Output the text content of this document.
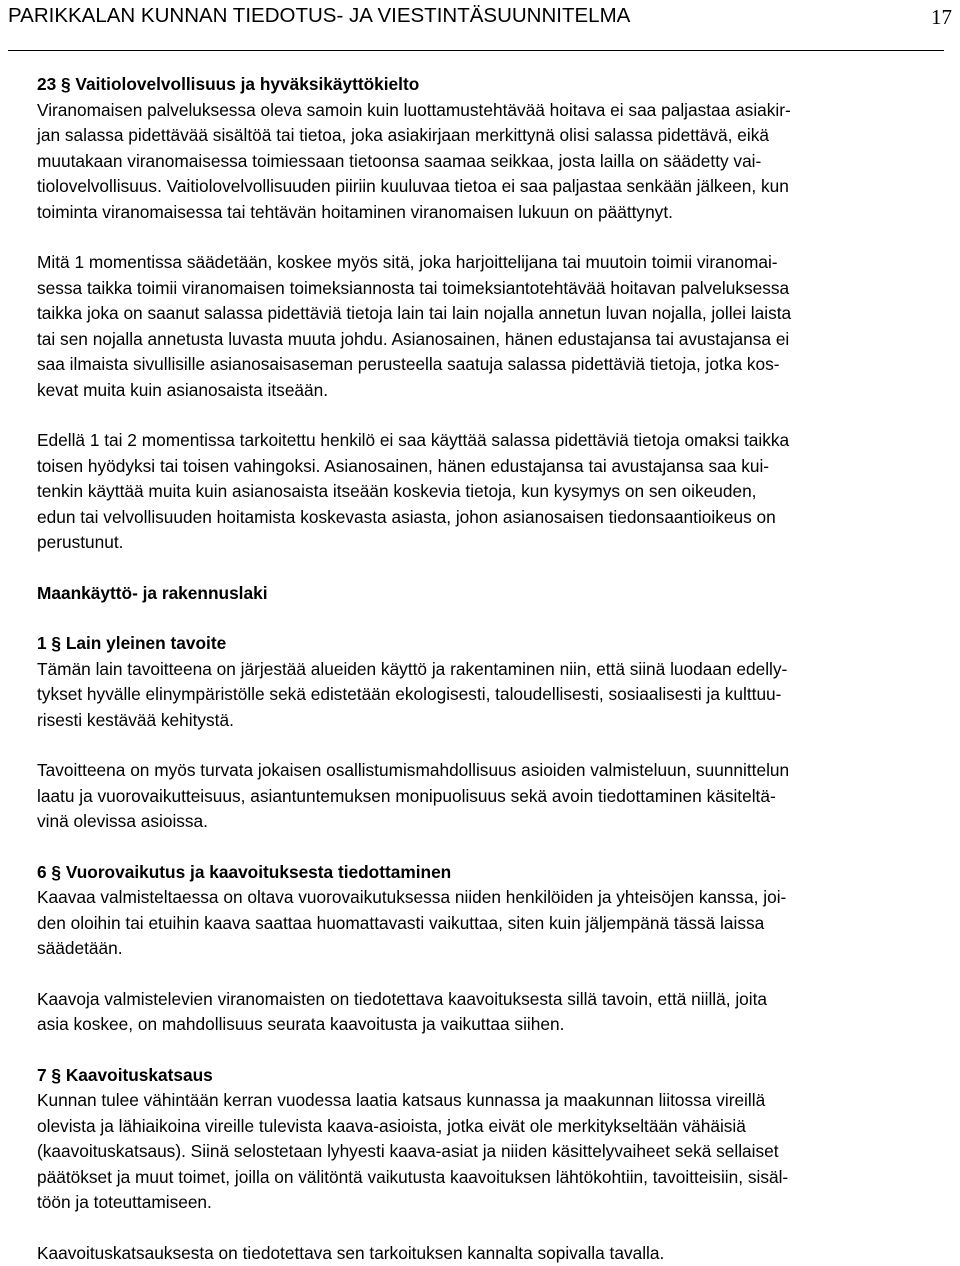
PARIKKALAN KUNNAN TIEDOTUS- JA VIESTINTÄSUUNNITELMA	17

23 § Vaitiolovelvollisuus ja hyväksikäyttökielto

Viranomaisen palveluksessa oleva samoin kuin luottamustehtävää hoitava ei saa paljastaa asiakir-
jan salassa pidettävää sisältöä tai tietoa, joka asiakirjaan merkittynä olisi salassa pidettävä, eikä
muutakaan viranomaisessa toimiessaan tietoonsa saamaa seikkaa, josta lailla on säädetty vai-
tiolovelvollisuus. Vaitiolovelvollisuuden piiriin kuuluvaa tietoa ei saa paljastaa senkään jälkeen, kun
toiminta viranomaisessa tai tehtävän hoitaminen viranomaisen lukuun on päättynyt.

Mitä 1 momentissa säädetään, koskee myös sitä, joka harjoittelijana tai muutoin toimii viranomai-
sessa taikka toimii viranomaisen toimeksiannosta tai toimeksiantotehtävää hoitavan palveluksessa
taikka joka on saanut salassa pidettäviä tietoja lain tai lain nojalla annetun luvan nojalla, jollei laista
tai sen nojalla annetusta luvasta muuta johdu. Asianosainen, hänen edustajansa tai avustajansa ei
saa ilmaista sivullisille asianosaisaseman perusteella saatuja salassa pidettäviä tietoja, jotka kos-
kevat muita kuin asianosaista itseään.

Edellä 1 tai 2 momentissa tarkoitettu henkilö ei saa käyttää salassa pidettäviä tietoja omaksi taikka
toisen hyödyksi tai toisen vahingoksi. Asianosainen, hänen edustajansa tai avustajansa saa kui-
tenkin käyttää muita kuin asianosaista itseään koskevia tietoja, kun kysymys on sen oikeuden,
edun tai velvollisuuden hoitamista koskevasta asiasta, johon asianosaisen tiedonsaantioikeus on
perustunut.

Maankäyttö- ja rakennuslaki

1 § Lain yleinen tavoite

Tämän lain tavoitteena on järjestää alueiden käyttö ja rakentaminen niin, että siinä luodaan edelly-
tykset hyvälle elinympäristölle sekä edistetään ekologisesti, taloudellisesti, sosiaalisesti ja kulttuu-
risesti kestävää kehitystä.

Tavoitteena on myös turvata jokaisen osallistumismahdollisuus asioiden valmisteluun, suunnittelun
laatu ja vuorovaikutteisuus, asiantuntemuksen monipuolisuus sekä avoin tiedottaminen käsiteltä-
vinä olevissa asioissa.

6 § Vuorovaikutus ja kaavoituksesta tiedottaminen

Kaavaa valmisteltaessa on oltava vuorovaikutuksessa niiden henkilöiden ja yhteisöjen kanssa, joi-
den oloihin tai etuihin kaava saattaa huomattavasti vaikuttaa, siten kuin jäljempänä tässä laissa
säädetään.

Kaavoja valmistelevien viranomaisten on tiedotettava kaavoituksesta sillä tavoin, että niillä, joita
asia koskee, on mahdollisuus seurata kaavoitusta ja vaikuttaa siihen.

7 § Kaavoituskatsaus

Kunnan tulee vähintään kerran vuodessa laatia katsaus kunnassa ja maakunnan liitossa vireillä
olevista ja lähiaikoina vireille tulevista kaava-asioista, jotka eivät ole merkitykseltään vähäisiä
(kaavoituskatsaus). Siinä selostetaan lyhyesti kaava-asiat ja niiden käsittelyvaiheet sekä sellaiset
päätökset ja muut toimet, joilla on välitöntä vaikutusta kaavoituksen lähtökohtiin, tavoitteisiin, sisäl-
töön ja toteuttamiseen.

Kaavoituskatsauksesta on tiedotettava sen tarkoituksen kannalta sopivalla tavalla.
